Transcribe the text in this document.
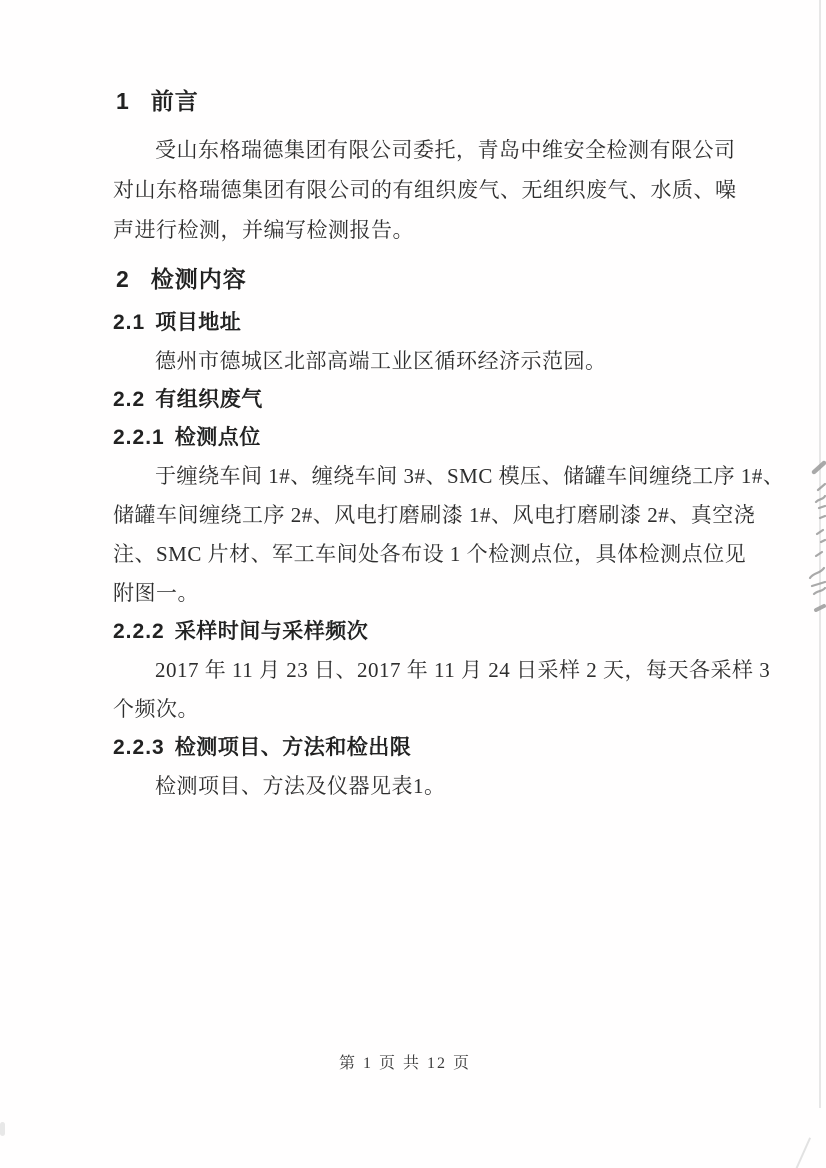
1 前言

受山东格瑞德集团有限公司委托，青岛中维安全检测有限公司
对山东格瑞德集团有限公司的有组织废气、无组织废气、水质、噪
声进行检测，并编写检测报告。

2 检测内容
2.1 项目地址

德州市德城区北部高端工业区循环经济示范园。

2.2 有组织废气
2.2.1 检测点位

于缠绕车间 1#、缠绕车间 3#、SMC 模压、储罐车间缠绕工序 1#、
储罐车间缠绕工序 2#、风电打磨刷漆 1#、风电打磨刷漆 2#、真空浇
注、SMC 片材、军工车间处各布设 1 个检测点位，具体检测点位见
附图一。

2.2.2 采样时间与采样频次

2017 年 11 月 23 日、2017 年 11 月 24 日采样 2 天，每天各采样 3
个频次。

2.2.3 检测项目、方法和检出限

检测项目、方法及仪器见表1。

第 1 页 共 12 页
